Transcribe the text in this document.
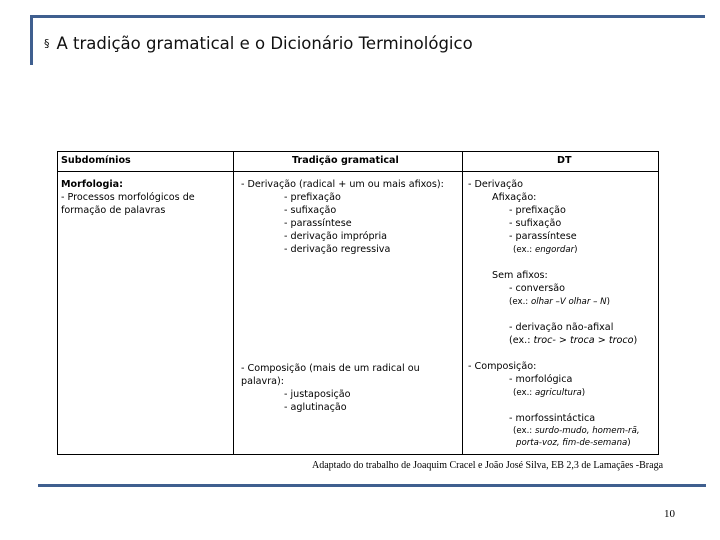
§ A tradição gramatical e o Dicionário Terminológico
Subdomínios	Tradição gramatical	DT
Morfologia:
- Processos morfológicos de
formação de palavras
- Derivação (radical + um ou mais afixos):
- prefixação
- sufixação
- parassíntese
- derivação imprópria
- derivação regressiva
- Composição (mais de um radical ou
palavra):
- justaposição
- aglutinação
- Derivação
Afixação:
- prefixação
- sufixação
- parassíntese
(ex.: engordar)
Sem afixos:
- conversão
(ex.: olhar –V olhar – N)
- derivação não-afixal
(ex.: troc- > troca > troco)
- Composição:
- morfológica
(ex.: agricultura)
- morfossintáctica
(ex.: surdo-mudo, homem-rã,
porta-voz, fim-de-semana)
Adaptado do trabalho de Joaquim Cracel e João José Silva, EB 2,3 de Lamaçães -Braga
10
